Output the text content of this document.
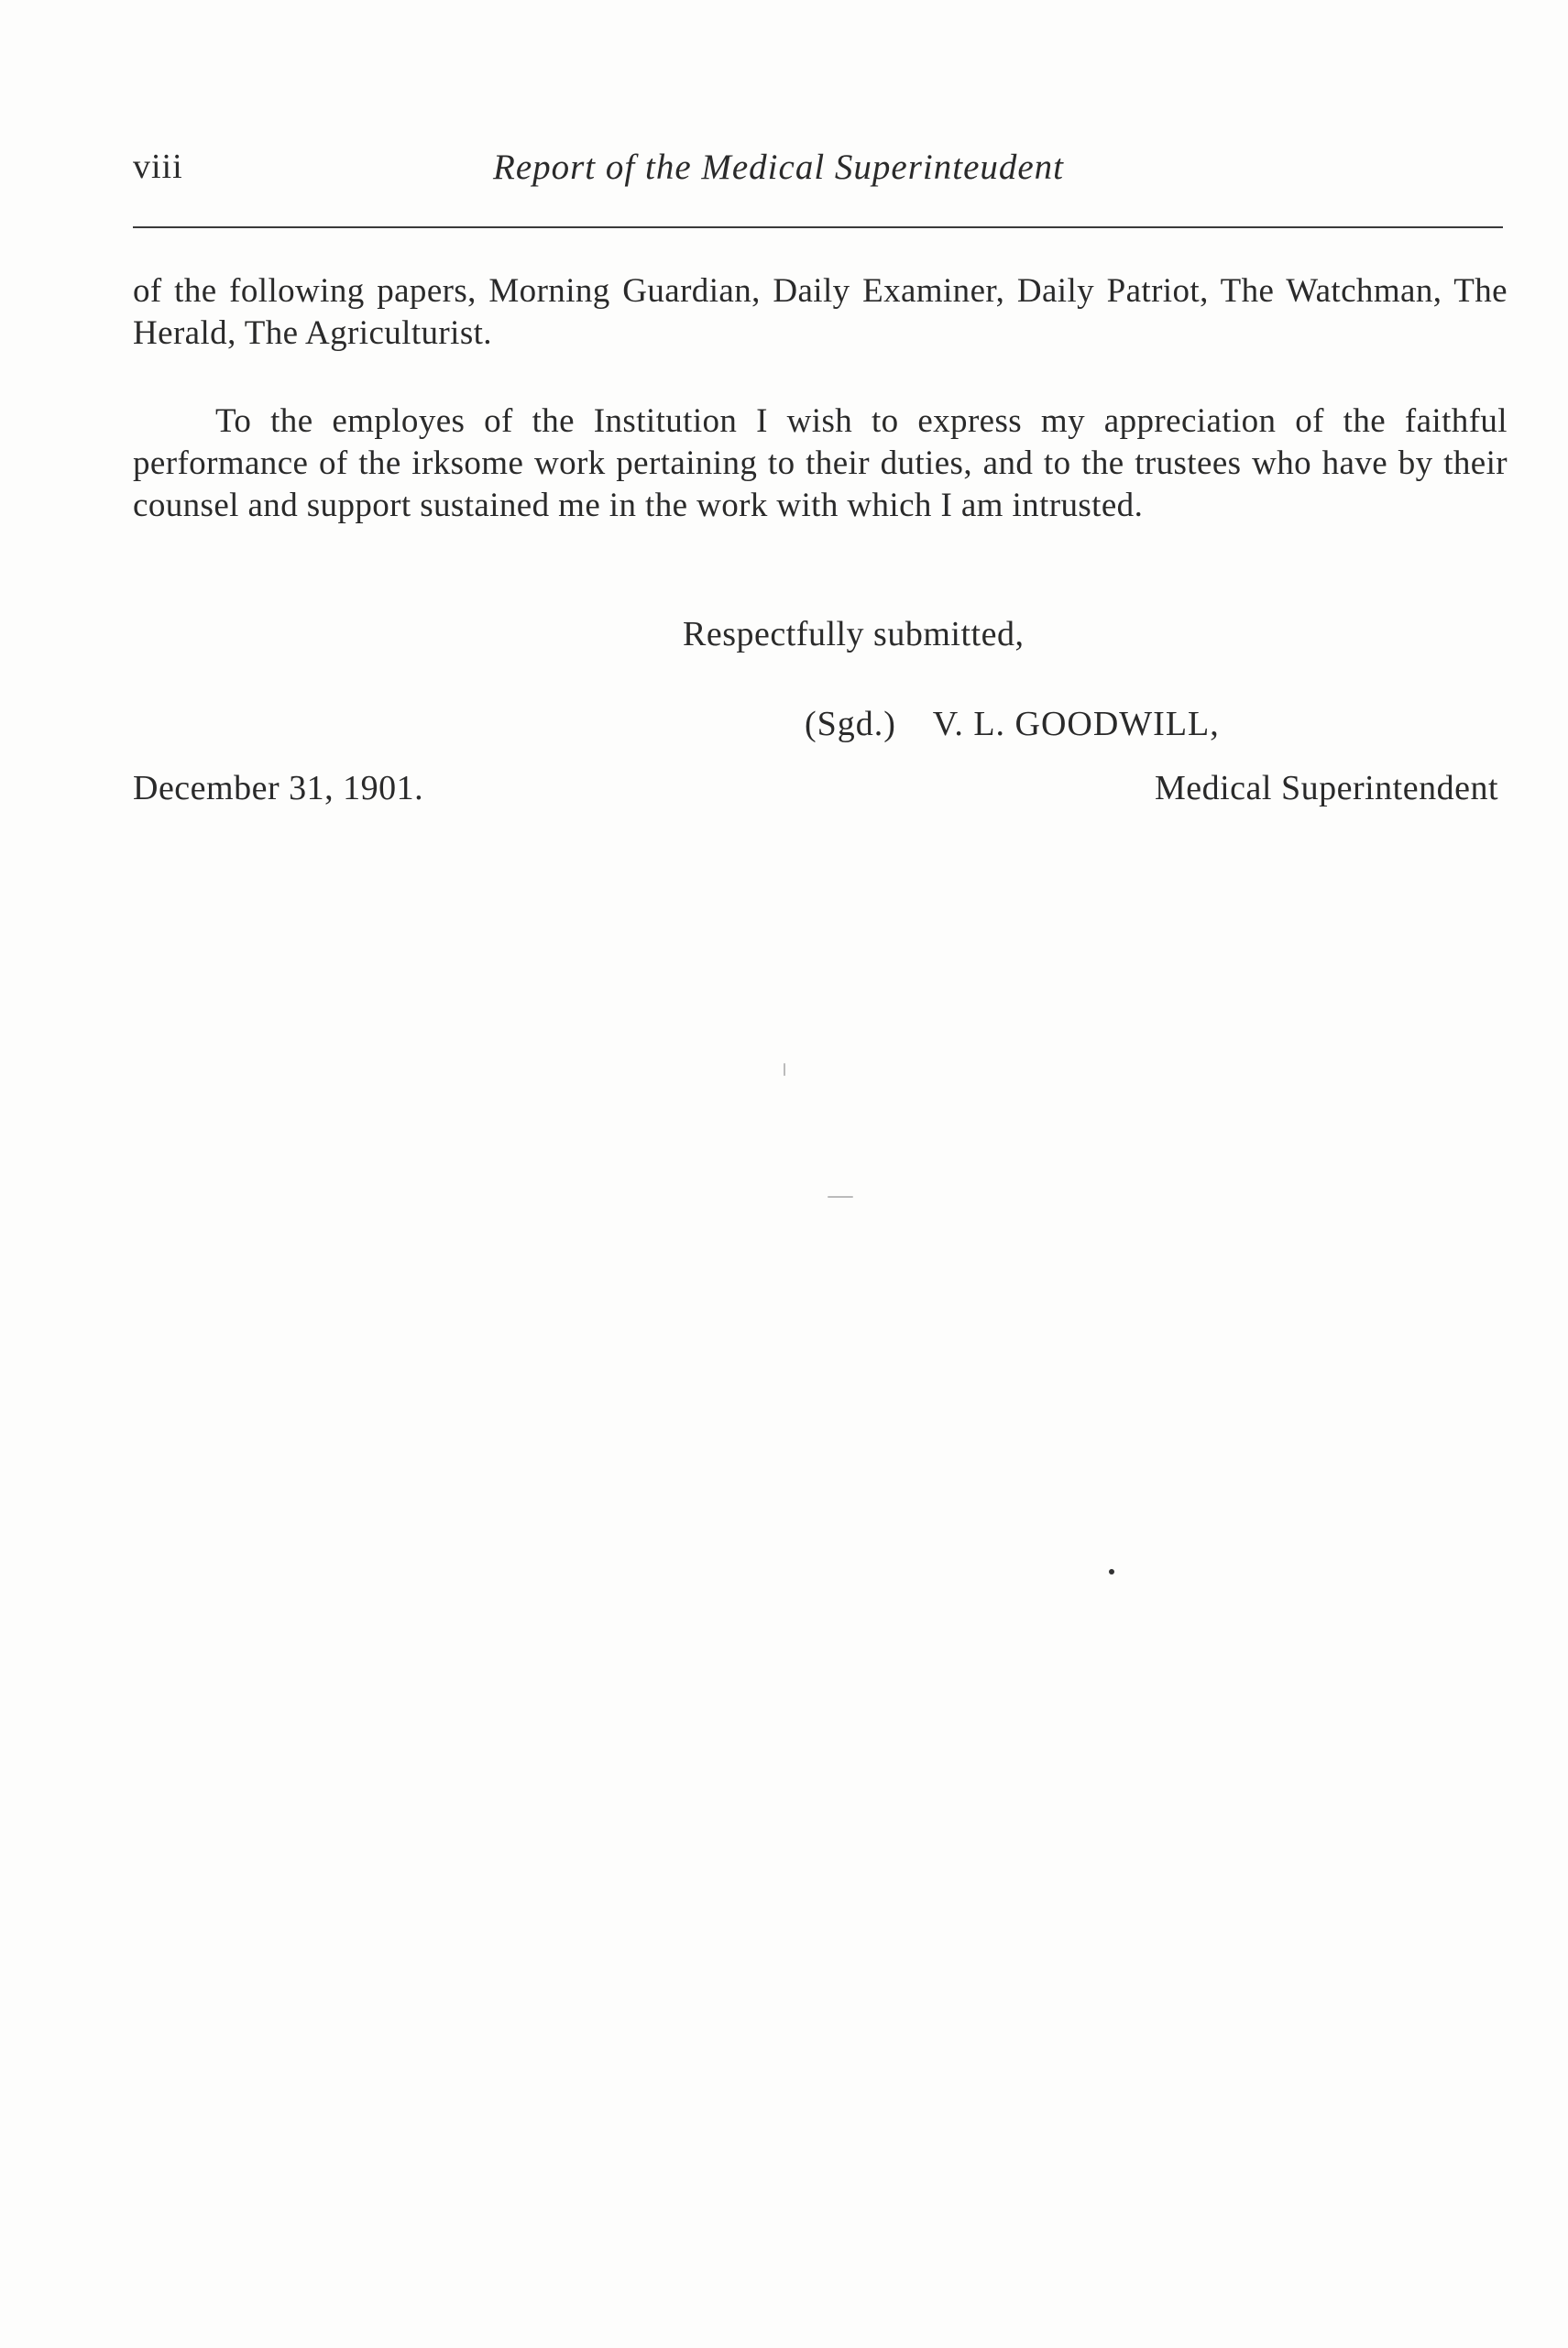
viii	Report of the Medical Superinteudent

of the following papers, Morning Guardian, Daily Examiner, Daily Patriot, The Watchman, The Herald, The Agriculturist.

To the employes of the Institution I wish to express my appreciation of the faithful performance of the irksome work pertaining to their duties, and to the trustees who have by their counsel and support sustained me in the work with which I am intrusted.

Respectfully submitted,
(Sgd.) V. L. GOODWILL,
December 31, 1901.	Medical Superintendent
